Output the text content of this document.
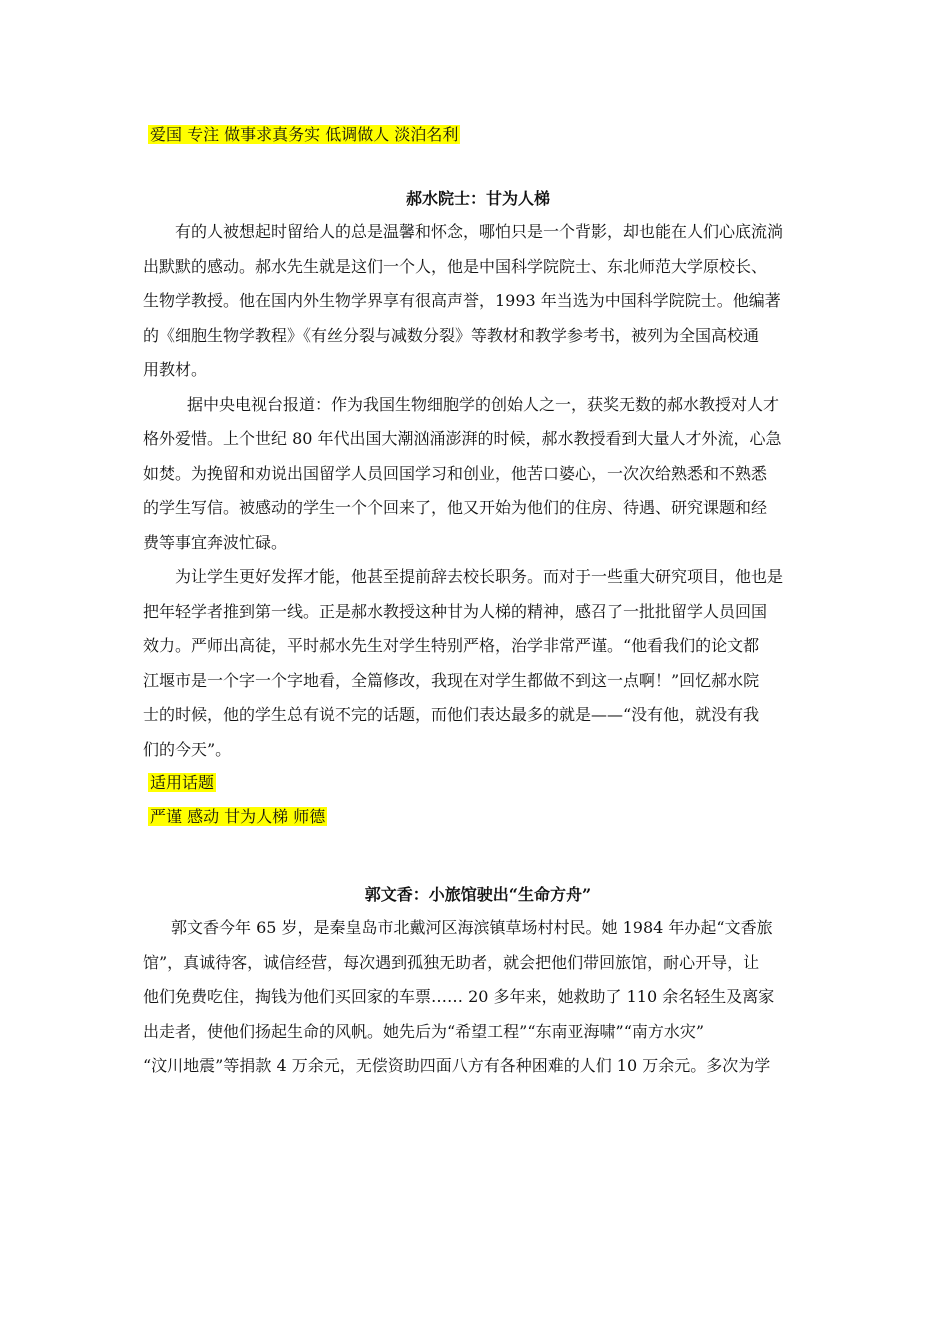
爱国 专注 做事求真务实 低调做人 淡泊名利
郝水院士：甘为人梯

有的人被想起时留给人的总是温馨和怀念，哪怕只是一个背影，却也能在人们心底流淌
出默默的感动。郝水先生就是这们一个人，他是中国科学院院士、东北师范大学原校长、
生物学教授。他在国内外生物学界享有很高声誉，1993 年当选为中国科学院院士。他编著
的《细胞生物学教程》《有丝分裂与减数分裂》等教材和教学参考书，被列为全国高校通
用教材。

据中央电视台报道：作为我国生物细胞学的创始人之一，获奖无数的郝水教授对人才
格外爱惜。上个世纪 80 年代出国大潮汹涌澎湃的时候，郝水教授看到大量人才外流，心急
如焚。为挽留和劝说出国留学人员回国学习和创业，他苦口婆心，一次次给熟悉和不熟悉
的学生写信。被感动的学生一个个回来了，他又开始为他们的住房、待遇、研究课题和经
费等事宜奔波忙碌。

为让学生更好发挥才能，他甚至提前辞去校长职务。而对于一些重大研究项目，他也是
把年轻学者推到第一线。正是郝水教授这种甘为人梯的精神，感召了一批批留学人员回国
效力。严师出高徒，平时郝水先生对学生特别严格，治学非常严谨。“他看我们的论文都
江堰市是一个字一个字地看，全篇修改，我现在对学生都做不到这一点啊！”回忆郝水院
士的时候，他的学生总有说不完的话题，而他们表达最多的就是——“没有他，就没有我
们的今天”。

适用话题
严谨 感动 甘为人梯 师德
郭文香：小旅馆驶出“生命方舟”

郭文香今年 65 岁，是秦皇岛市北戴河区海滨镇草场村村民。她 1984 年办起“文香旅
馆”，真诚待客，诚信经营，每次遇到孤独无助者，就会把他们带回旅馆，耐心开导，让
他们免费吃住，掏钱为他们买回家的车票…… 20 多年来，她救助了 110 余名轻生及离家
出走者，使他们扬起生命的风帆。她先后为“希望工程”“东南亚海啸”“南方水灾”
“汶川地震”等捐款 4 万余元，无偿资助四面八方有各种困难的人们 10 万余元。多次为学
